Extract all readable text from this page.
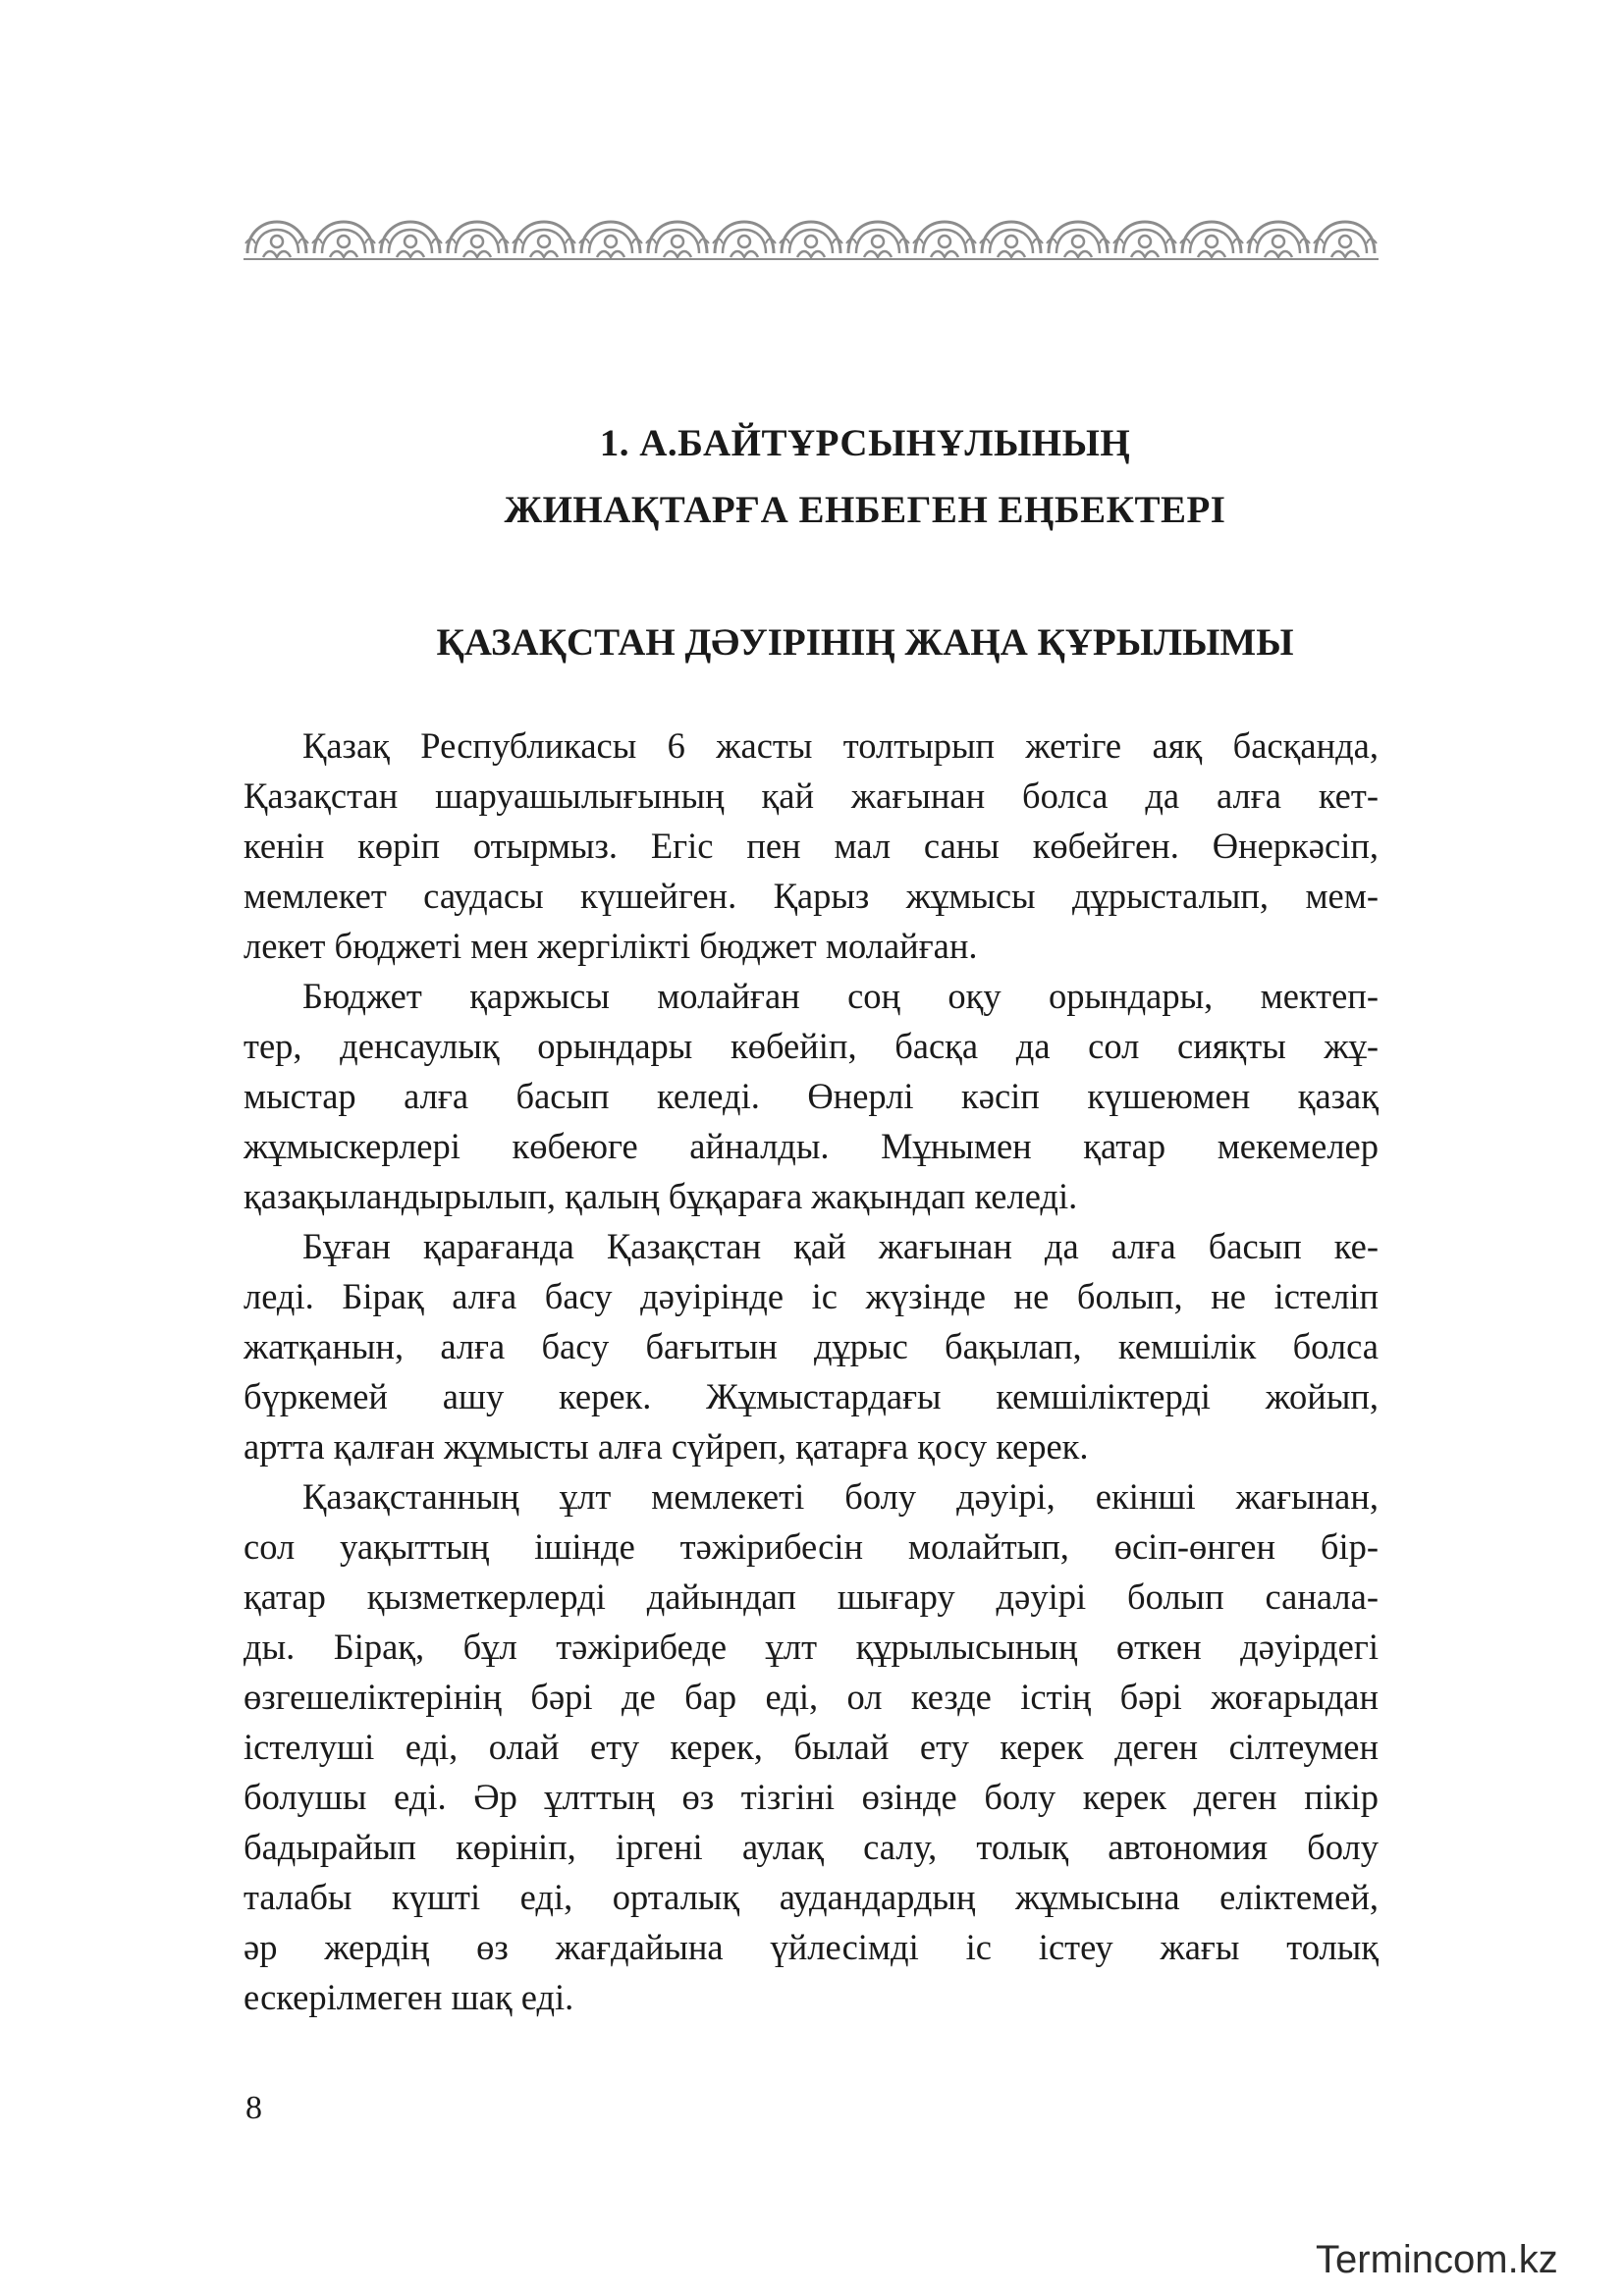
1. А.БАЙТҰРСЫНҰЛЫНЫҢ
ЖИНАҚТАРҒА ЕНБЕГЕН ЕҢБЕКТЕРІ
ҚАЗАҚСТАН ДӘУІРІНІҢ ЖАҢА ҚҰРЫЛЫМЫ
Қазақ Республикасы 6 жасты толтырып жетіге аяқ басқанда,
Қазақстан шаруашылығының қай жағынан болса да алға кет-
кенін көріп отырмыз. Егіс пен мал саны көбейген. Өнеркәсіп,
мемлекет саудасы күшейген. Қарыз жұмысы дұрысталып, мем-
лекет бюджеті мен жергілікті бюджет молайған.
Бюджет қаржысы молайған соң оқу орындары, мектеп-
тер, денсаулық орындары көбейіп, басқа да сол сияқты жұ-
мыстар алға басып келеді. Өнерлі кәсіп күшеюмен қазақ
жұмыскерлері көбеюге айналды. Мұнымен қатар мекемелер
қазақыландырылып, қалың бұқараға жақындап келеді.
Бұған қарағанда Қазақстан қай жағынан да алға басып ке-
леді. Бірақ алға басу дәуірінде іс жүзінде не болып, не істеліп
жатқанын, алға басу бағытын дұрыс бақылап, кемшілік болса
бүркемей ашу керек. Жұмыстардағы кемшіліктерді жойып,
артта қалған жұмысты алға сүйреп, қатарға қосу керек.
Қазақстанның ұлт мемлекеті болу дәуірі, екінші жағынан,
сол уақыттың ішінде тәжірибесін молайтып, өсіп-өнген бір-
қатар қызметкерлерді дайындап шығару дәуірі болып санала-
ды. Бірақ, бұл тәжірибеде ұлт құрылысының өткен дәуірдегі
өзгешеліктерінің бәрі де бар еді, ол кезде істің бәрі жоғарыдан
істелуші еді, олай ету керек, былай ету керек деген сілтеумен
болушы еді. Әр ұлттың өз тізгіні өзінде болу керек деген пікір
бадырайып көрініп, іргені аулақ салу, толық автономия болу
талабы күшті еді, орталық аудандардың жұмысына еліктемей,
әр жердің өз жағдайына үйлесімді іс істеу жағы толық
ескерілмеген шақ еді.
8
Termincom.kz
